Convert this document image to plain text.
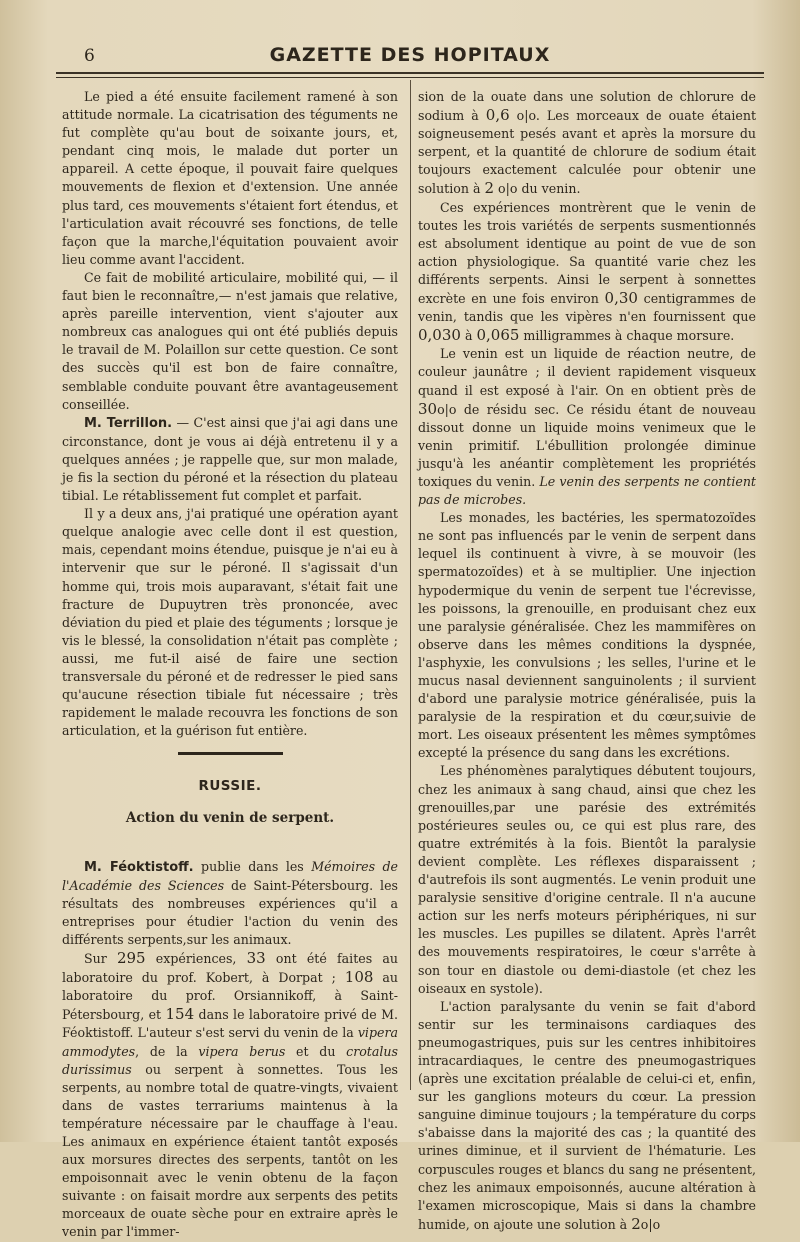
6	GAZETTE DES HOPITAUX

Le pied a été ensuite facilement ramené à son attitude normale. La cicatrisation des téguments ne fut complète qu'au bout de soixante jours, et, pendant cinq mois, le malade dut porter un appareil. A cette époque, il pouvait faire quelques mouvements de flexion et d'extension. Une année plus tard, ces mouvements s'étaient fort étendus, et l'articulation avait récouvré ses fonctions, de telle façon que la marche,l'équitation pouvaient avoir lieu comme avant l'accident.

Ce fait de mobilité articulaire, mobilité qui, — il faut bien le reconnaître,— n'est jamais que relative, après pareille intervention, vient s'ajouter aux nombreux cas analogues qui ont été publiés depuis le travail de M. Polaillon sur cette question. Ce sont des succès qu'il est bon de faire connaître, semblable conduite pouvant être avantageusement conseillée.

M. Terrillon. — C'est ainsi que j'ai agi dans une circonstance, dont je vous ai déjà entretenu il y a quelques années ; je rappelle que, sur mon malade, je fis la section du péroné et la résection du plateau tibial. Le rétablissement fut complet et parfait.

Il y a deux ans, j'ai pratiqué une opération ayant quelque analogie avec celle dont il est question, mais, cependant moins étendue, puisque je n'ai eu à intervenir que sur le péroné. Il s'agissait d'un homme qui, trois mois auparavant, s'était fait une fracture de Dupuytren très prononcée, avec déviation du pied et plaie des téguments ; lorsque je vis le blessé, la consolidation n'était pas complète ; aussi, me fut-il aisé de faire une section transversale du péroné et de redresser le pied sans qu'aucune résection tibiale fut nécessaire ; très rapidement le malade recouvra les fonctions de son articulation, et la guérison fut entière.

RUSSIE.
Action du venin de serpent.

M. Féoktistoff. publie dans les Mémoires de l'Académie des Sciences de Saint-Pétersbourg. les résultats des nombreuses expériences qu'il a entreprises pour étudier l'action du venin des différents serpents,sur les animaux.

Sur 295 expériences, 33 ont été faites au laboratoire du prof. Kobert, à Dorpat ; 108 au laboratoire du prof. Orsiannikoff, à Saint-Pétersbourg, et 154 dans le laboratoire privé de M. Féoktistoff. L'auteur s'est servi du venin de la vipera ammodytes, de la vipera berus et du crotalus durissimus ou serpent à sonnettes. Tous les serpents, au nombre total de quatre-vingts, vivaient dans de vastes terrariums maintenus à la température nécessaire par le chauffage à l'eau. Les animaux en expérience étaient tantôt exposés aux morsures directes des serpents, tantôt on les empoisonnait avec le venin obtenu de la façon suivante : on faisait mordre aux serpents des petits morceaux de ouate sèche pour en extraire après le venin par l'immer-

sion de la ouate dans une solution de chlorure de sodium à 0,6 o|o. Les morceaux de ouate étaient soigneusement pesés avant et après la morsure du serpent, et la quantité de chlorure de sodium était toujours exactement calculée pour obtenir une solution à 2 o|o du venin.

Ces expériences montrèrent que le venin de toutes les trois variétés de serpents susmentionnés est absolument identique au point de vue de son action physiologique. Sa quantité varie chez les différents serpents. Ainsi le serpent à sonnettes excrète en une fois environ 0,30 centigrammes de venin, tandis que les vipères n'en fournissent que 0,030 à 0,065 milligrammes à chaque morsure.

Le venin est un liquide de réaction neutre, de couleur jaunâtre ; il devient rapidement visqueux quand il est exposé à l'air. On en obtient près de 30o|o de résidu sec. Ce résidu étant de nouveau dissout donne un liquide moins venimeux que le venin primitif. L'ébullition prolongée diminue jusqu'à les anéantir complètement les propriétés toxiques du venin. Le venin des serpents ne contient pas de microbes.

Les monades, les bactéries, les spermatozoïdes ne sont pas influencés par le venin de serpent dans lequel ils continuent à vivre, à se mouvoir (les spermatozoïdes) et à se multiplier. Une injection hypodermique du venin de serpent tue l'écrevisse, les poissons, la grenouille, en produisant chez eux une paralysie généralisée. Chez les mammifères on observe dans les mêmes conditions la dyspnée, l'asphyxie, les convulsions ; les selles, l'urine et le mucus nasal deviennent sanguinolents ; il survient d'abord une paralysie motrice généralisée, puis la paralysie de la respiration et du cœur,suivie de mort. Les oiseaux présentent les mêmes symptômes excepté la présence du sang dans les excrétions.

Les phénomènes paralytiques débutent toujours, chez les animaux à sang chaud, ainsi que chez les grenouilles,par une parésie des extrémités postérieures seules ou, ce qui est plus rare, des quatre extrémités à la fois. Bientôt la paralysie devient complète. Les réflexes disparaissent ; d'autrefois ils sont augmentés. Le venin produit une paralysie sensitive d'origine centrale. Il n'a aucune action sur les nerfs moteurs périphériques, ni sur les muscles. Les pupilles se dilatent. Après l'arrêt des mouvements respiratoires, le cœur s'arrête à son tour en diastole ou demi-diastole (et chez les oiseaux en systole).

L'action paralysante du venin se fait d'abord sentir sur les terminaisons cardiaques des pneumogastriques, puis sur les centres inhibitoires intracardiaques, le centre des pneumogastriques (après une excitation préalable de celui-ci et, enfin, sur les ganglions moteurs du cœur. La pression sanguine diminue toujours ; la température du corps s'abaisse dans la majorité des cas ; la quantité des urines diminue, et il survient de l'hématurie. Les corpuscules rouges et blancs du sang ne présentent, chez les animaux empoisonnés, aucune altération à l'examen microscopique, Mais si dans la chambre humide, on ajoute une solution à 2o|o
